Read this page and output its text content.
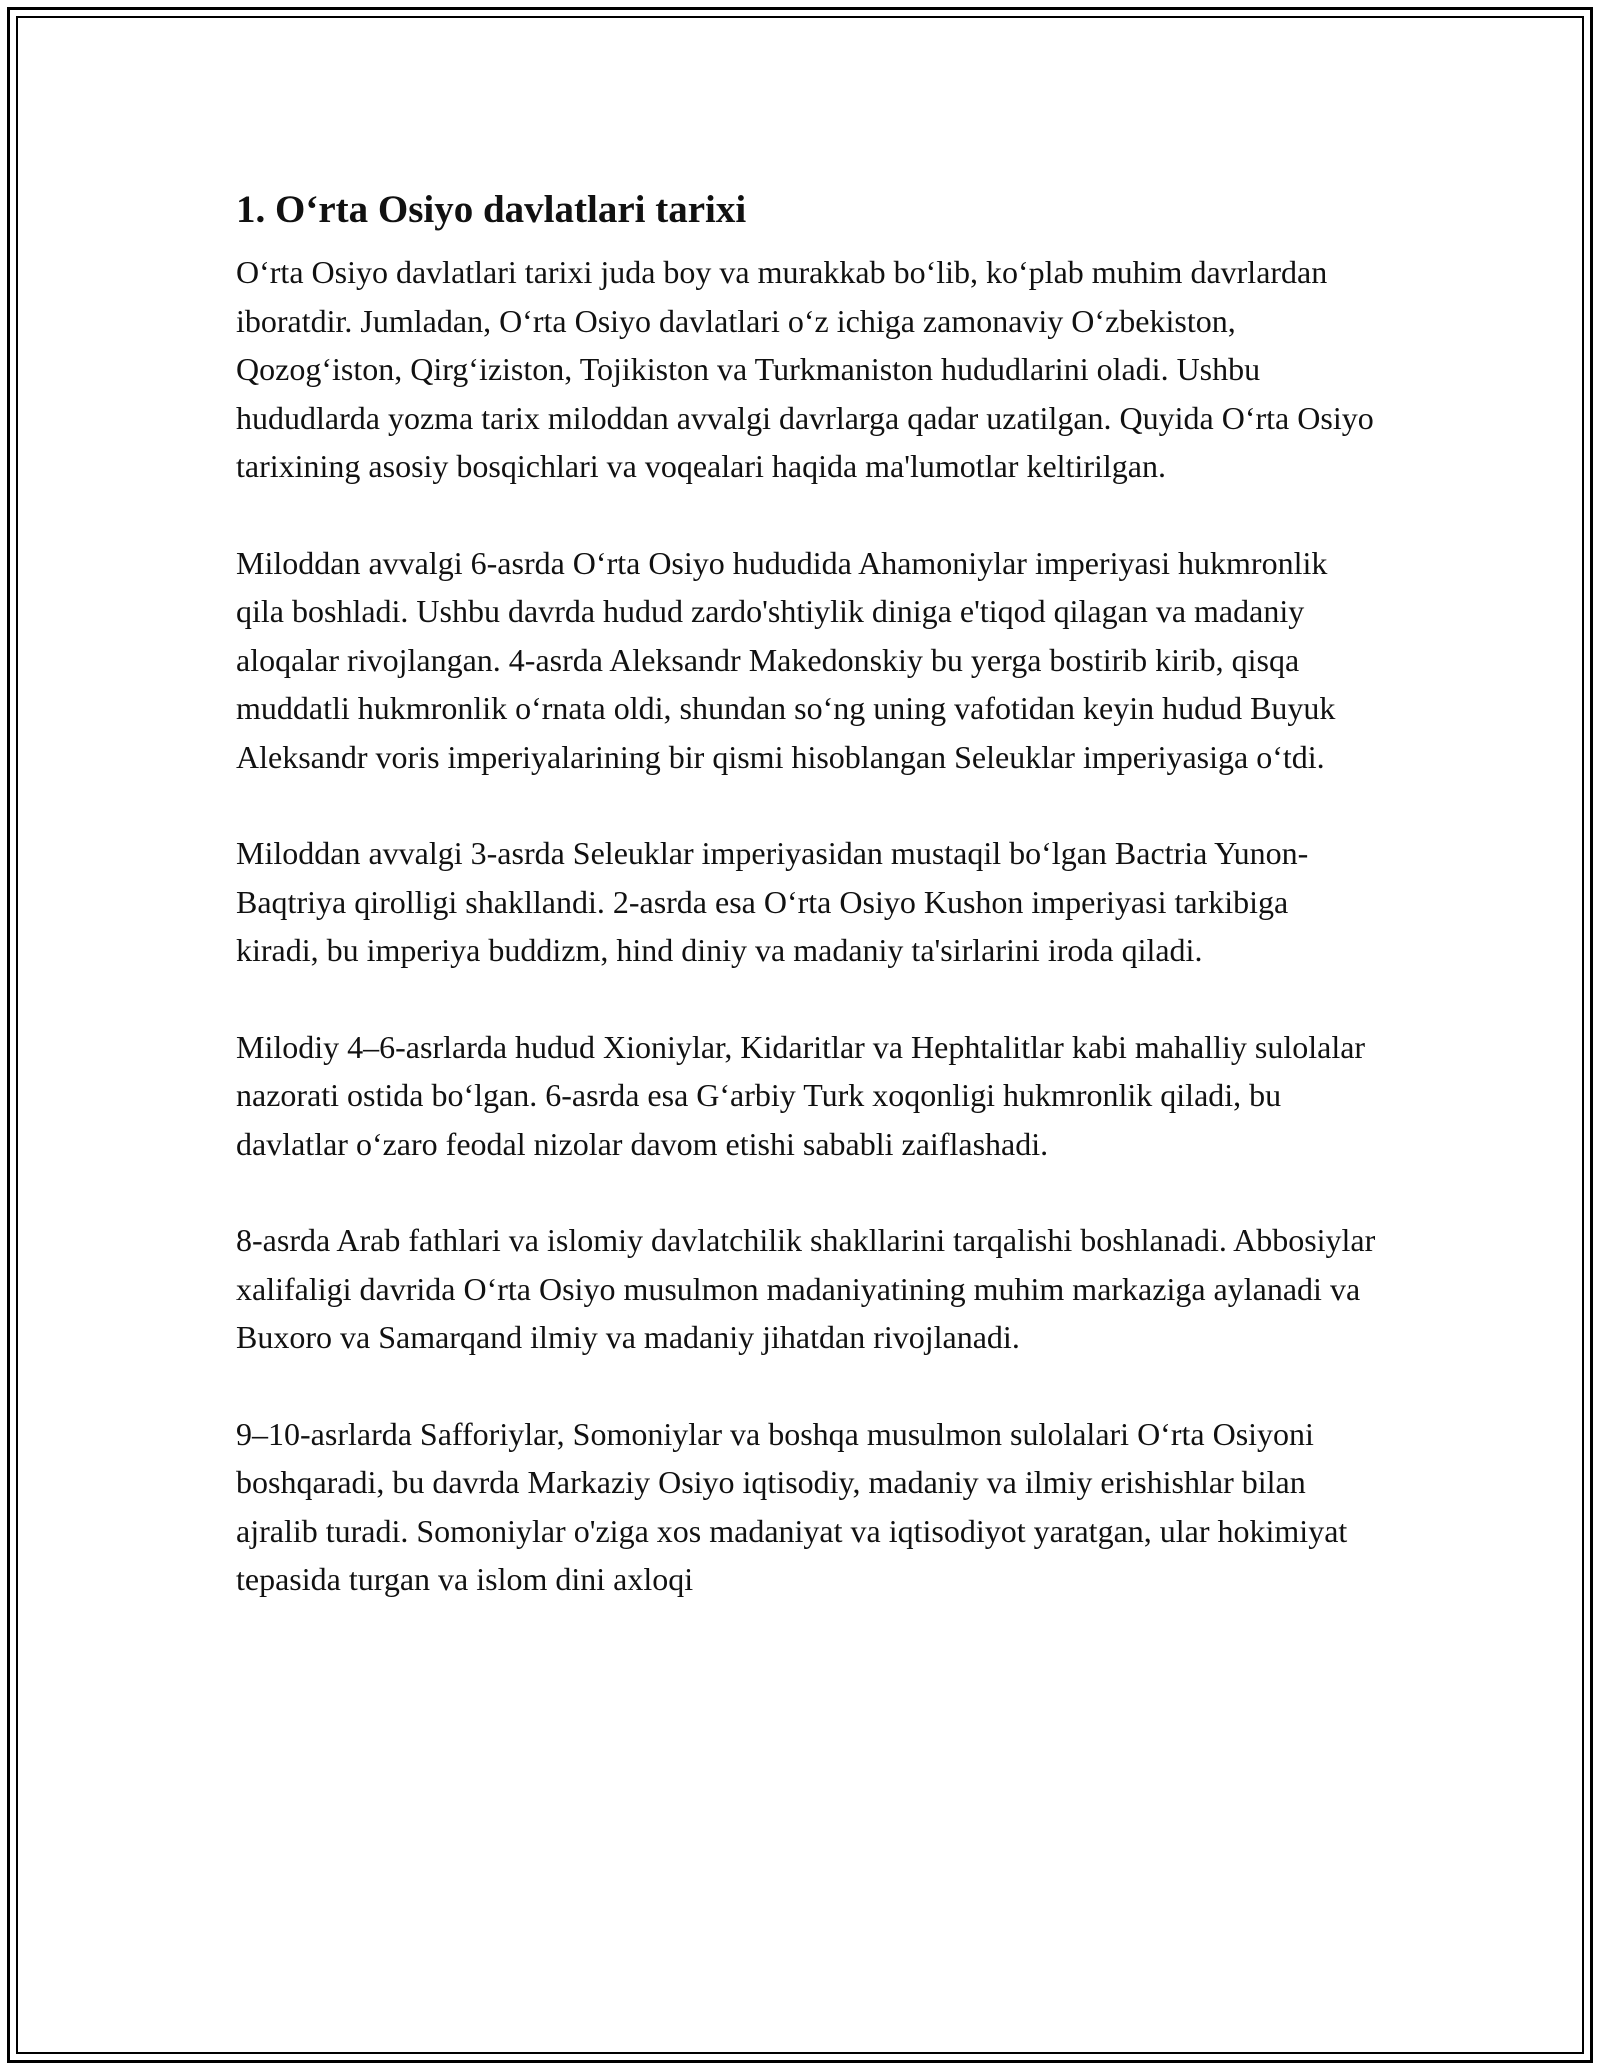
1. Oʻrta Osiyo davlatlari tarixi

Oʻrta Osiyo davlatlari tarixi juda boy va murakkab boʻlib, koʻplab muhim davrlardan iboratdir. Jumladan, Oʻrta Osiyo davlatlari oʻz ichiga zamonaviy Oʻzbekiston, Qozogʻiston, Qirgʻiziston, Tojikiston va Turkmaniston hududlarini oladi. Ushbu hududlarda yozma tarix miloddan avvalgi davrlarga qadar uzatilgan. Quyida Oʻrta Osiyo tarixining asosiy bosqichlari va voqealari haqida ma'lumotlar keltirilgan.

Miloddan avvalgi 6-asrda Oʻrta Osiyo hududida Ahamoniylar imperiyasi hukmronlik qila boshladi. Ushbu davrda hudud zardo'shtiylik diniga e'tiqod qilagan va madaniy aloqalar rivojlangan. 4-asrda Aleksandr Makedonskiy bu yerga bostirib kirib, qisqa muddatli hukmronlik oʻrnata oldi, shundan soʻng uning vafotidan keyin hudud Buyuk Aleksandr voris imperiyalarining bir qismi hisoblangan Seleuklar imperiyasiga oʻtdi.

Miloddan avvalgi 3-asrda Seleuklar imperiyasidan mustaqil boʻlgan Bactria Yunon-Baqtriya qirolligi shakllandi. 2-asrda esa Oʻrta Osiyo Kushon imperiyasi tarkibiga kiradi, bu imperiya buddizm, hind diniy va madaniy ta'sirlarini iroda qiladi.

Milodiy 4–6-asrlarda hudud Xioniylar, Kidaritlar va Hephtalitlar kabi mahalliy sulolalar nazorati ostida boʻlgan. 6-asrda esa Gʻarbiy Turk xoqonligi hukmronlik qiladi, bu davlatlar oʻzaro feodal nizolar davom etishi sababli zaiflashadi.

8-asrda Arab fathlari va islomiy davlatchilik shakllarini tarqalishi boshlanadi. Abbosiylar xalifaligi davrida Oʻrta Osiyo musulmon madaniyatining muhim markaziga aylanadi va Buxoro va Samarqand ilmiy va madaniy jihatdan rivojlanadi.

9–10-asrlarda Safforiylar, Somoniylar va boshqa musulmon sulolalari Oʻrta Osiyoni boshqaradi, bu davrda Markaziy Osiyo iqtisodiy, madaniy va ilmiy erishishlar bilan ajralib turadi. Somoniylar o'ziga xos madaniyat va iqtisodiyot yaratgan, ular hokimiyat tepasida turgan va islom dini axloqi
